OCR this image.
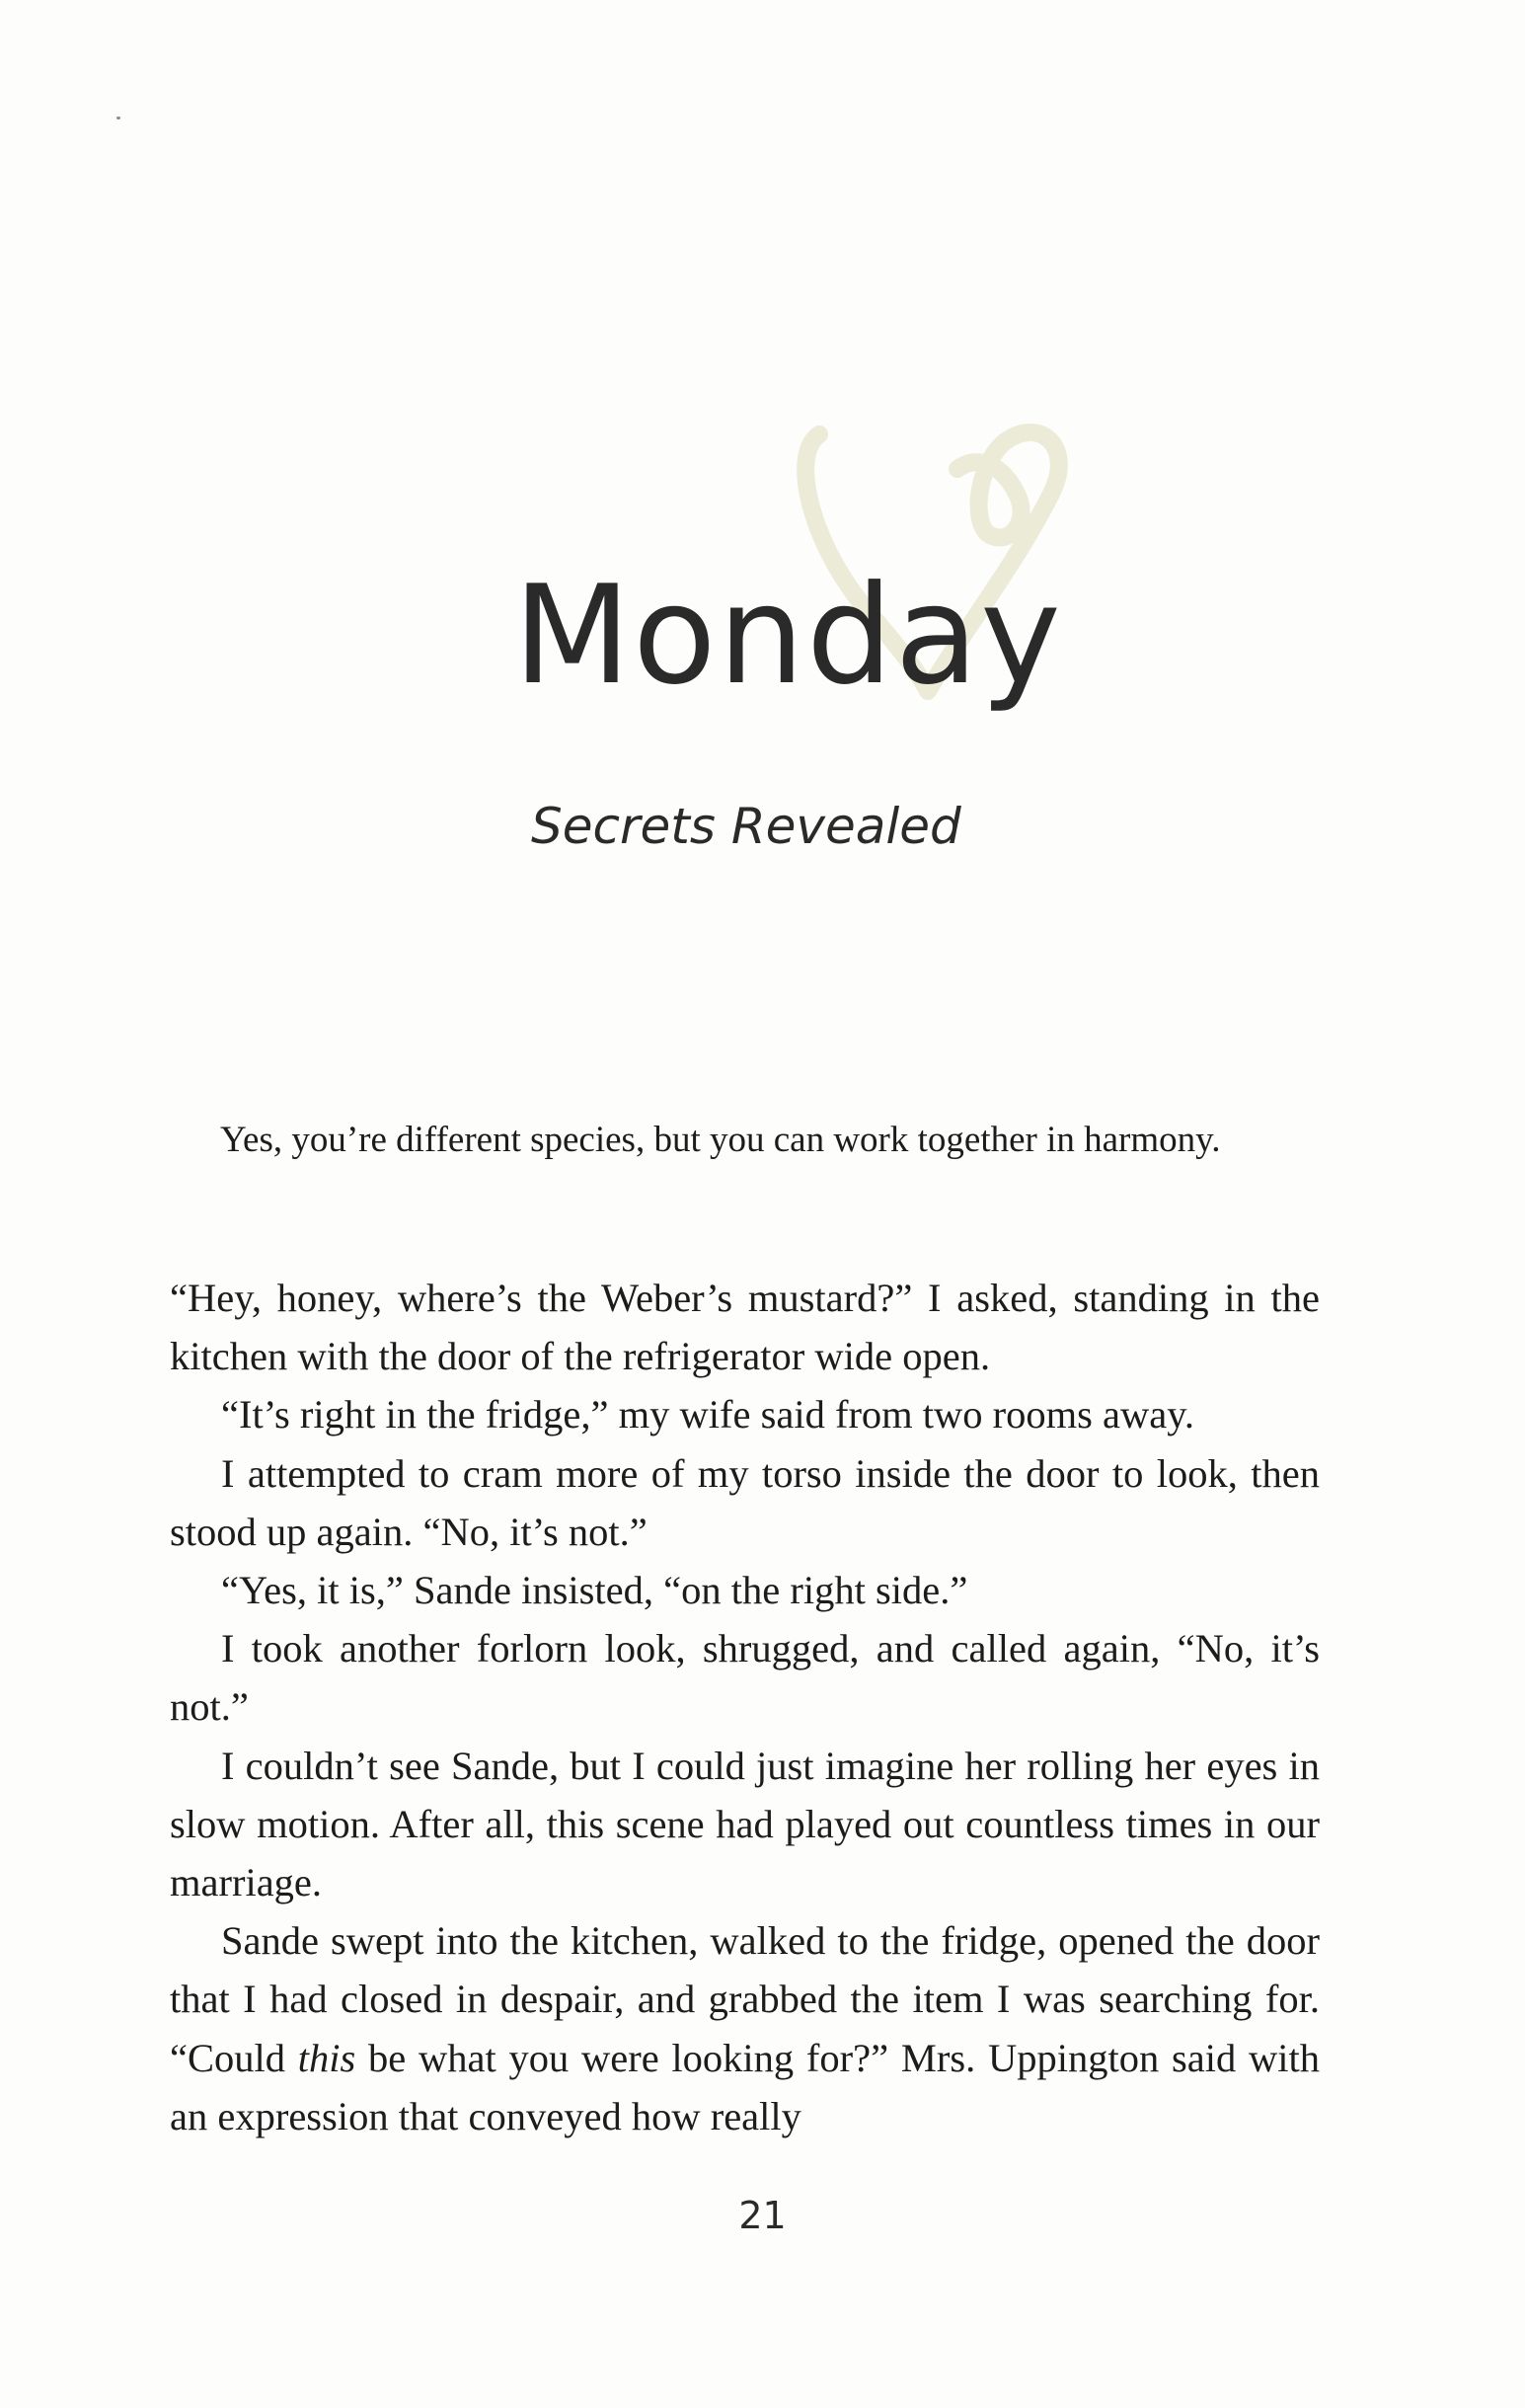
Monday
Secrets Revealed

Yes, you’re different species, but you can work together in harmony.

“Hey, honey, where’s the Weber’s mustard?” I asked, standing in the kitchen with the door of the refrigerator wide open.

“It’s right in the fridge,” my wife said from two rooms away.

I attempted to cram more of my torso inside the door to look, then stood up again. “No, it’s not.”

“Yes, it is,” Sande insisted, “on the right side.”

I took another forlorn look, shrugged, and called again, “No, it’s not.”

I couldn’t see Sande, but I could just imagine her rolling her eyes in slow motion. After all, this scene had played out countless times in our marriage.

Sande swept into the kitchen, walked to the fridge, opened the door that I had closed in despair, and grabbed the item I was searching for. “Could this be what you were looking for?” Mrs. Uppington said with an expression that conveyed how really

21
